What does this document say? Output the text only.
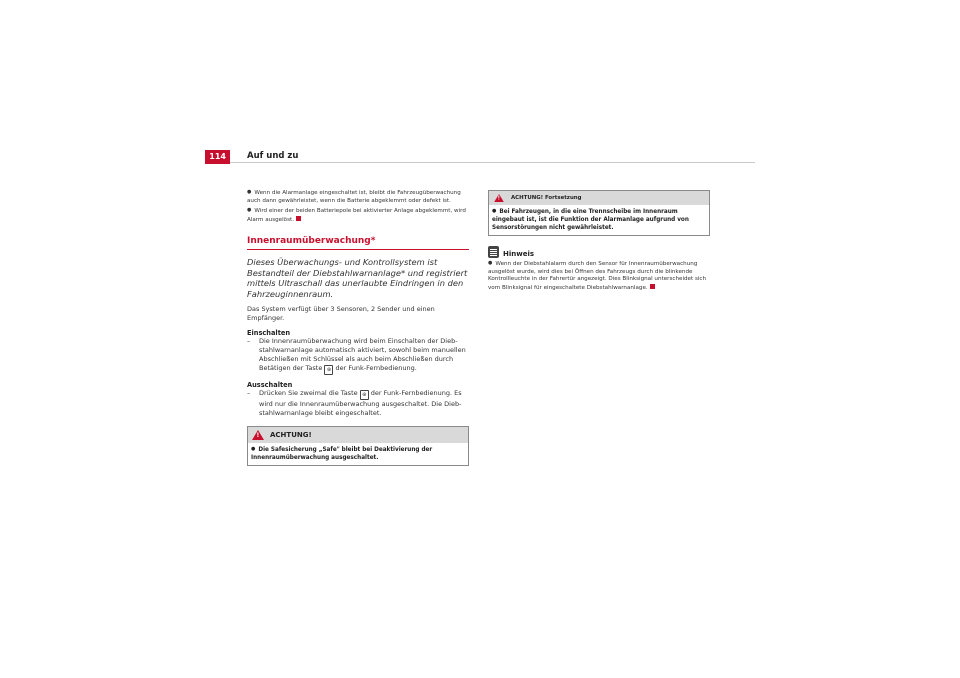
114	Auf und zu
● Wenn die Alarmanlage eingeschaltet ist, bleibt die Fahrzeugüberwachung auch dann gewährleistet, wenn die Batterie abgeklemmt oder defekt ist.
● Wird einer der beiden Batteriepole bei aktivierter Anlage abgeklemmt, wird Alarm ausgelöst.
Innenraumüberwachung*
Dieses Überwachungs- und Kontrollsystem ist Bestandteil der Diebstahlwarnanlage* und registriert mittels Ultraschall das unerlaubte Eindringen in den Fahrzeuginnenraum.
Das System verfügt über 3 Sensoren, 2 Sender und einen Empfänger.
Einschalten
–	Die Innenraumüberwachung wird beim Einschalten der Diebstahlwarnanlage automatisch aktiviert, sowohl beim manuellen Abschließen mit Schlüssel als auch beim Abschließen durch Betätigen der Taste ⊕ der Funk-Fernbedienung.
Ausschalten
–	Drücken Sie zweimal die Taste ⊕ der Funk-Fernbedienung. Es wird nur die Innenraumüberwachung ausgeschaltet. Die Diebstahlwarnanlage bleibt eingeschaltet.
!
ACHTUNG!
● Die Safesicherung „Safe" bleibt bei Deaktivierung der Innenraumüberwachung ausgeschaltet.
!
ACHTUNG! Fortsetzung
● Bei Fahrzeugen, in die eine Trennscheibe im Innenraum eingebaut ist, ist die Funktion der Alarmanlage aufgrund von Sensorstörungen nicht gewährleistet.
Hinweis
● Wenn der Diebstahlalarm durch den Sensor für Innenraumüberwachung ausgelöst wurde, wird dies bei Öffnen des Fahrzeugs durch die blinkende Kontrollleuchte in der Fahrertür angezeigt. Dies Blinksignal unterscheidet sich vom Blinksignal für eingeschaltete Diebstahlwarnanlage.
